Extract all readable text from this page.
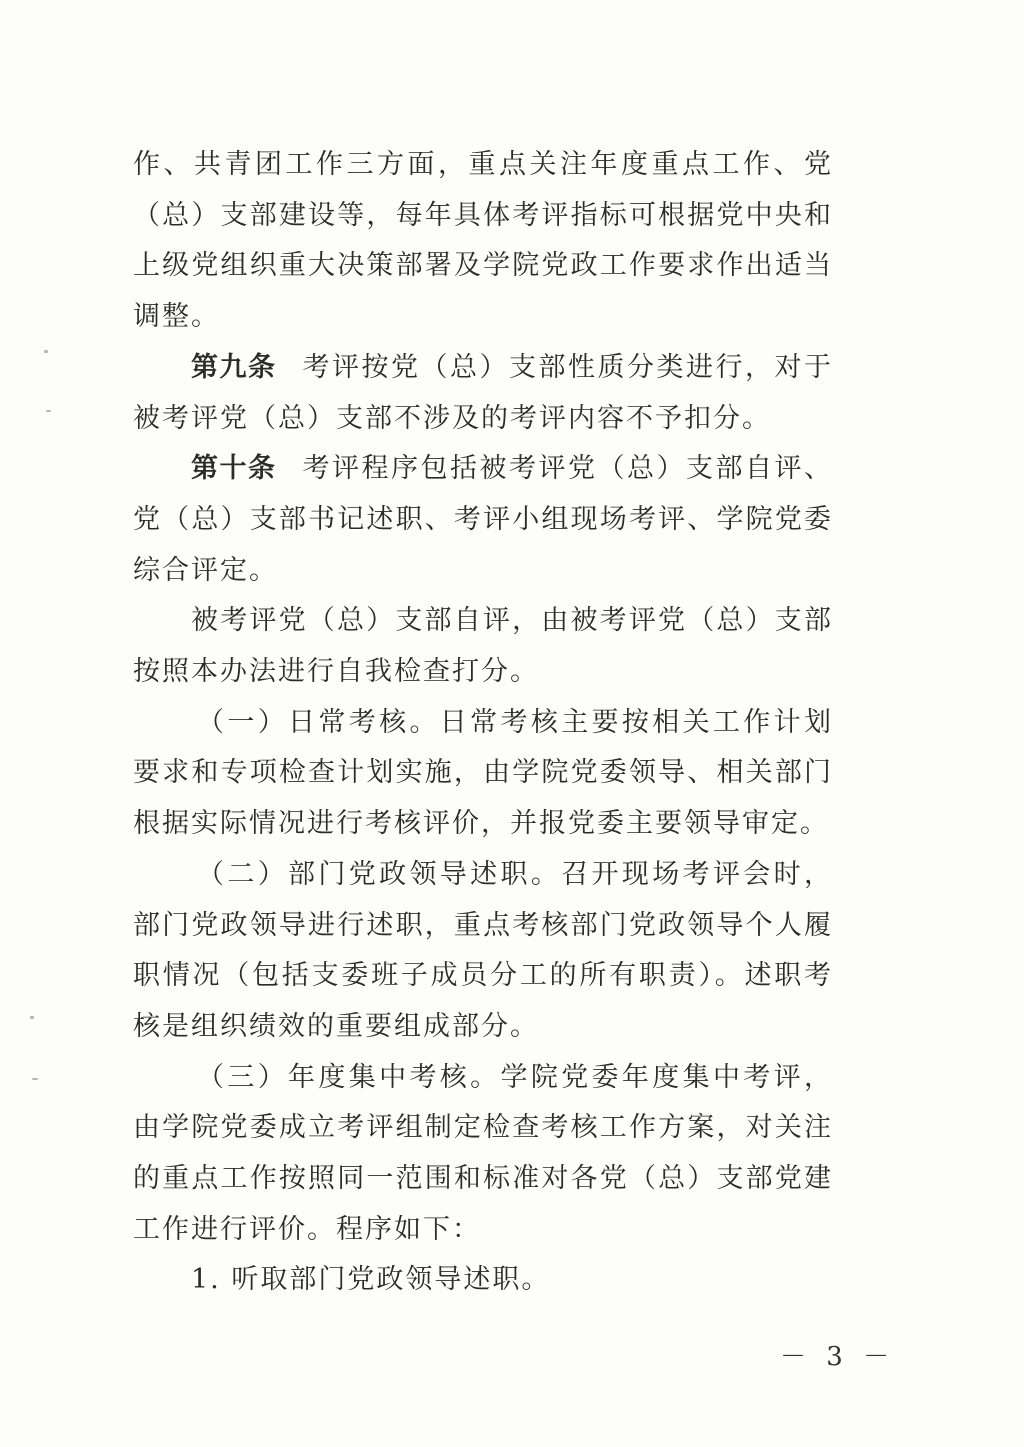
作、共青团工作三方面，重点关注年度重点工作、党（总）支部建设等，每年具体考评指标可根据党中央和上级党组织重大决策部署及学院党政工作要求作出适当调整。

第九条 考评按党（总）支部性质分类进行，对于被考评党（总）支部不涉及的考评内容不予扣分。

第十条 考评程序包括被考评党（总）支部自评、党（总）支部书记述职、考评小组现场考评、学院党委综合评定。

被考评党（总）支部自评，由被考评党（总）支部按照本办法进行自我检查打分。

（一）日常考核。日常考核主要按相关工作计划要求和专项检查计划实施，由学院党委领导、相关部门根据实际情况进行考核评价，并报党委主要领导审定。

（二）部门党政领导述职。召开现场考评会时，部门党政领导进行述职，重点考核部门党政领导个人履职情况（包括支委班子成员分工的所有职责）。述职考核是组织绩效的重要组成部分。

（三）年度集中考核。学院党委年度集中考评，由学院党委成立考评组制定检查考核工作方案，对关注的重点工作按照同一范围和标准对各党（总）支部党建工作进行评价。程序如下：

1. 听取部门党政领导述职。

－ 3 －
